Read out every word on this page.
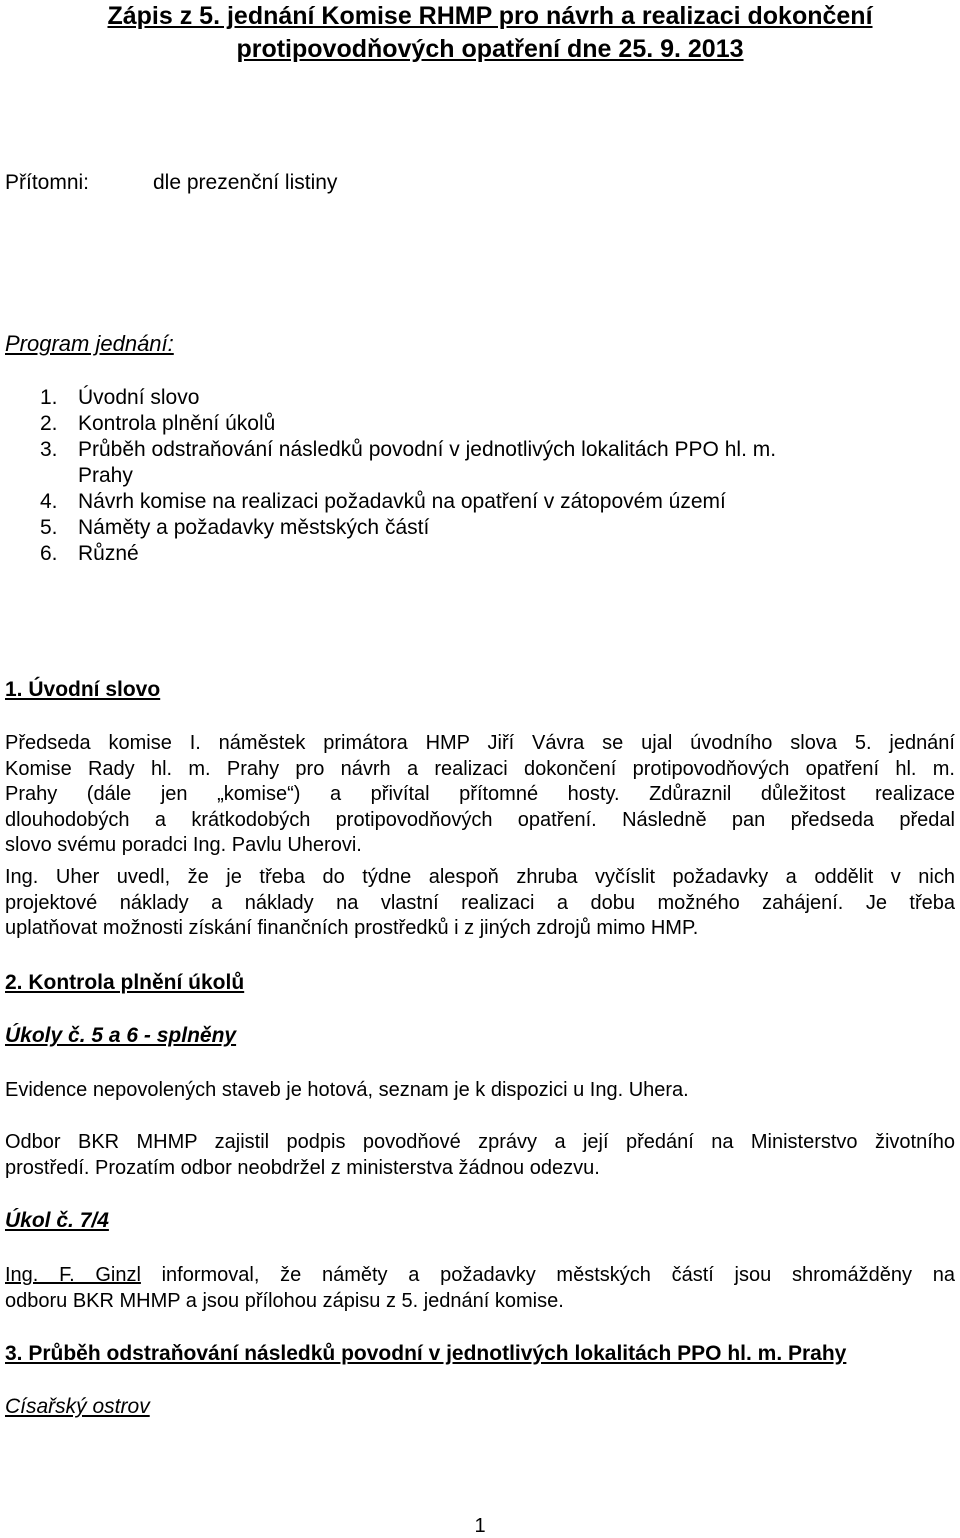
Zápis z 5. jednání Komise RHMP pro návrh a realizaci dokončení
protipovodňových opatření dne 25. 9. 2013
Přítomni:	dle prezenční listiny
Program jednání:
1. Úvodní slovo
2. Kontrola plnění úkolů
3. Průběh odstraňování následků povodní v jednotlivých lokalitách PPO hl. m.
Prahy
4. Návrh komise na realizaci požadavků na opatření v zátopovém území
5. Náměty a požadavky městských částí
6. Různé
1. Úvodní slovo
Předseda komise I. náměstek primátora HMP Jiří Vávra se ujal úvodního slova 5. jednání
Komise Rady hl. m. Prahy pro návrh a realizaci dokončení protipovodňových opatření hl. m.
Prahy (dále jen „komise“) a přivítal přítomné hosty. Zdůraznil důležitost realizace
dlouhodobých a krátkodobých protipovodňových opatření. Následně pan předseda předal
slovo svému poradci Ing. Pavlu Uherovi.
Ing. Uher uvedl, že je třeba do týdne alespoň zhruba vyčíslit požadavky a oddělit v nich
projektové náklady a náklady na vlastní realizaci a dobu možného zahájení. Je třeba
uplatňovat možnosti získání finančních prostředků i z jiných zdrojů mimo HMP.
2. Kontrola plnění úkolů
Úkoly č. 5 a 6 - splněny
Evidence nepovolených staveb je hotová, seznam je k dispozici u Ing. Uhera.
Odbor BKR MHMP zajistil podpis povodňové zprávy a její předání na Ministerstvo životního
prostředí. Prozatím odbor neobdržel z ministerstva žádnou odezvu.
Úkol č. 7/4
Ing. F. Ginzl informoval, že náměty a požadavky městských částí jsou shromážděny na
odboru BKR MHMP a jsou přílohou zápisu z 5. jednání komise.
3. Průběh odstraňování následků povodní v jednotlivých lokalitách PPO hl. m. Prahy
Císařský ostrov
1
